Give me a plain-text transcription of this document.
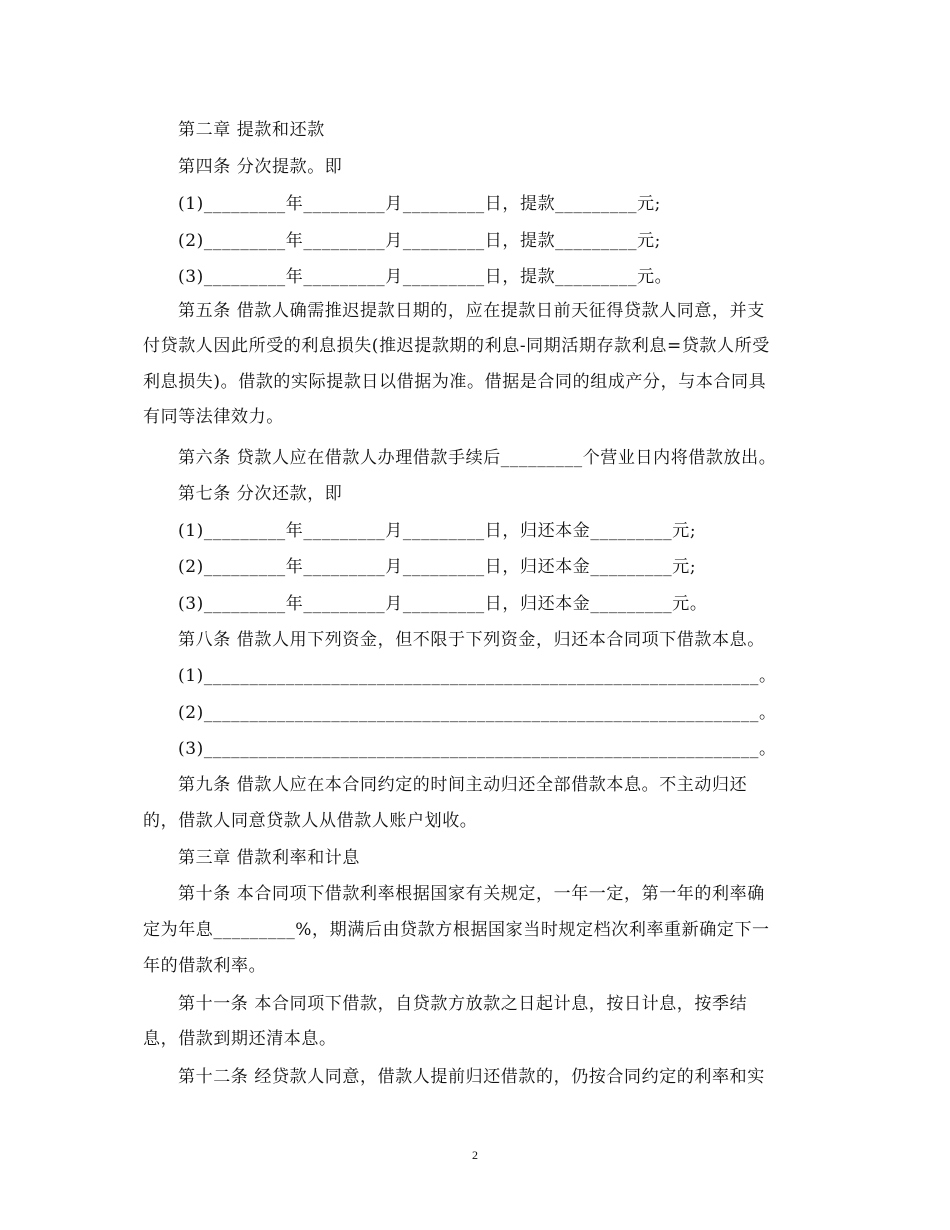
第二章 提款和还款
第四条 分次提款。即
(1)_________年_________月_________日，提款_________元;
(2)_________年_________月_________日，提款_________元;
(3)_________年_________月_________日，提款_________元。
第五条 借款人确需推迟提款日期的，应在提款日前天征得贷款人同意，并支
付贷款人因此所受的利息损失(推迟提款期的利息-同期活期存款利息=贷款人所受
利息损失)。借款的实际提款日以借据为准。借据是合同的组成产分，与本合同具
有同等法律效力。
第六条 贷款人应在借款人办理借款手续后_________个营业日内将借款放出。
第七条 分次还款，即
(1)_________年_________月_________日，归还本金_________元;
(2)_________年_________月_________日，归还本金_________元;
(3)_________年_________月_________日，归还本金_________元。
第八条 借款人用下列资金，但不限于下列资金，归还本合同项下借款本息。
(1)_____________________________________________________________。
(2)_____________________________________________________________。
(3)_____________________________________________________________。
第九条 借款人应在本合同约定的时间主动归还全部借款本息。不主动归还
的，借款人同意贷款人从借款人账户划收。
第三章 借款利率和计息
第十条 本合同项下借款利率根据国家有关规定，一年一定，第一年的利率确
定为年息_________%，期满后由贷款方根据国家当时规定档次利率重新确定下一
年的借款利率。
第十一条 本合同项下借款，自贷款方放款之日起计息，按日计息，按季结
息，借款到期还清本息。
第十二条 经贷款人同意，借款人提前归还借款的，仍按合同约定的利率和实
2
